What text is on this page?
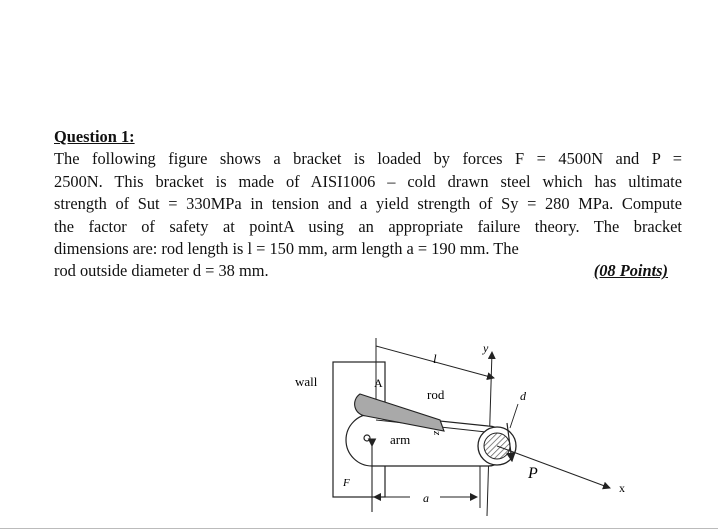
Question 1:
The following figure shows a bracket is loaded by forces F = 4500N and P =
2500N. This bracket is made of AISI1006 – cold drawn steel which has ultimate
strength of Sut = 330MPa in tension and a yield strength of Sy = 280 MPa. Compute
the factor of safety at pointA using an appropriate failure theory. The bracket
dimensions are: rod length is l = 150 mm, arm length a = 190 mm. The
rod outside diameter d = 38 mm.	(08 Points)
wall
l
y
A
rod
z
arm
d
P
x
F
a
